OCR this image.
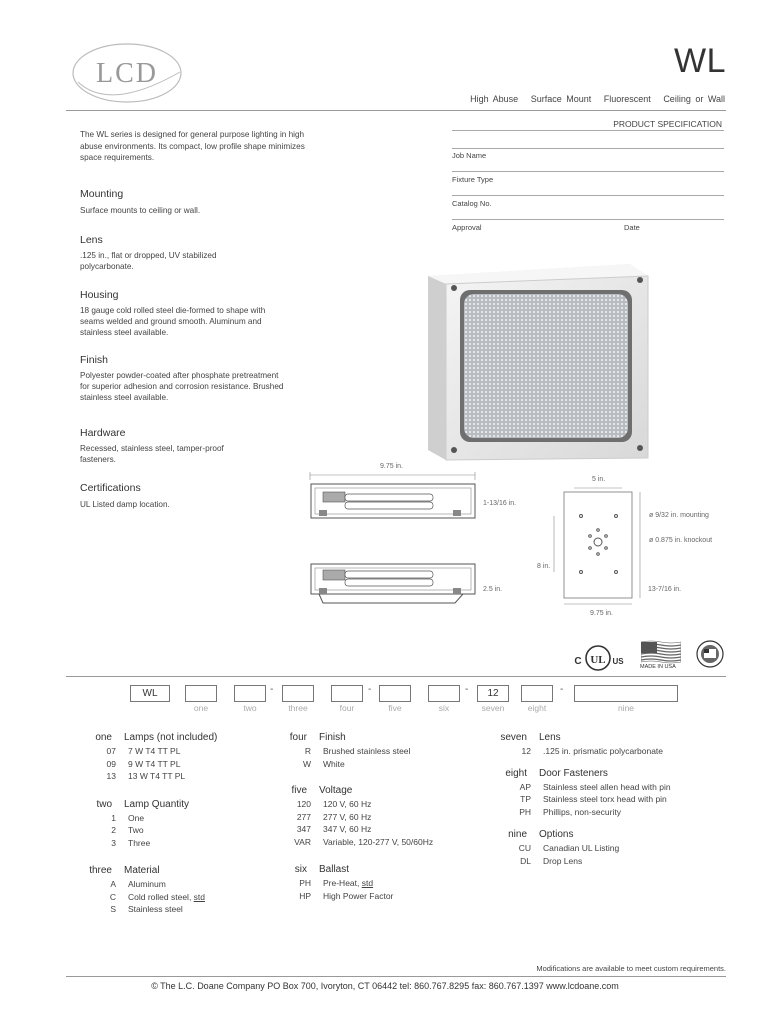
LCD	WL
High Abuse Surface Mount Fluorescent Ceiling or Wall
The WL series is designed for general purpose lighting in high abuse environments. Its compact, low profile shape minimizes space requirements.
Mounting
Surface mounts to ceiling or wall.
Lens
.125 in., flat or dropped, UV stabilized polycarbonate.
Housing
18 gauge cold rolled steel die-formed to shape with seams welded and ground smooth. Aluminum and stainless steel available.
Finish
Polyester powder-coated after phosphate pretreatment for superior adhesion and corrosion resistance. Brushed stainless steel available.
Hardware
Recessed, stainless steel, tamper-proof fasteners.
Certifications
UL Listed damp location.
PRODUCT SPECIFICATION
Job Name
Fixture Type
Catalog No.
Approval	Date
9.75 in.
1-13/16 in.
2.5 in.
5 in.
ø 9/32 in. mounting
ø 0.875 in. knockout
8 in.
13-7/16 in.
9.75 in.
C UL US
MADE IN USA
WL
one	two
-
three	four
-
five	six
-	12
seven	eight
-
nine
one Lamps (not included)
07 7 W T4 TT PL
09 9 W T4 TT PL
13 13 W T4 TT PL
two Lamp Quantity
1 One
2 Two
3 Three
three Material
A Aluminum
C Cold rolled steel, std
S Stainless steel
four Finish
R Brushed stainless steel
W White
five Voltage
120 120 V, 60 Hz
277 277 V, 60 Hz
347 347 V, 60 Hz
VAR Variable, 120-277 V, 50/60Hz
six Ballast
PH Pre-Heat, std
HP High Power Factor
seven Lens
12 .125 in. prismatic polycarbonate
eight Door Fasteners
AP Stainless steel allen head with pin
TP Stainless steel torx head with pin
PH Phillips, non-security
nine Options
CU Canadian UL Listing
DL Drop Lens
Modifications are available to meet custom requirements.
© The L.C. Doane Company PO Box 700, Ivoryton, CT 06442 tel: 860.767.8295 fax: 860.767.1397 www.lcdoane.com
